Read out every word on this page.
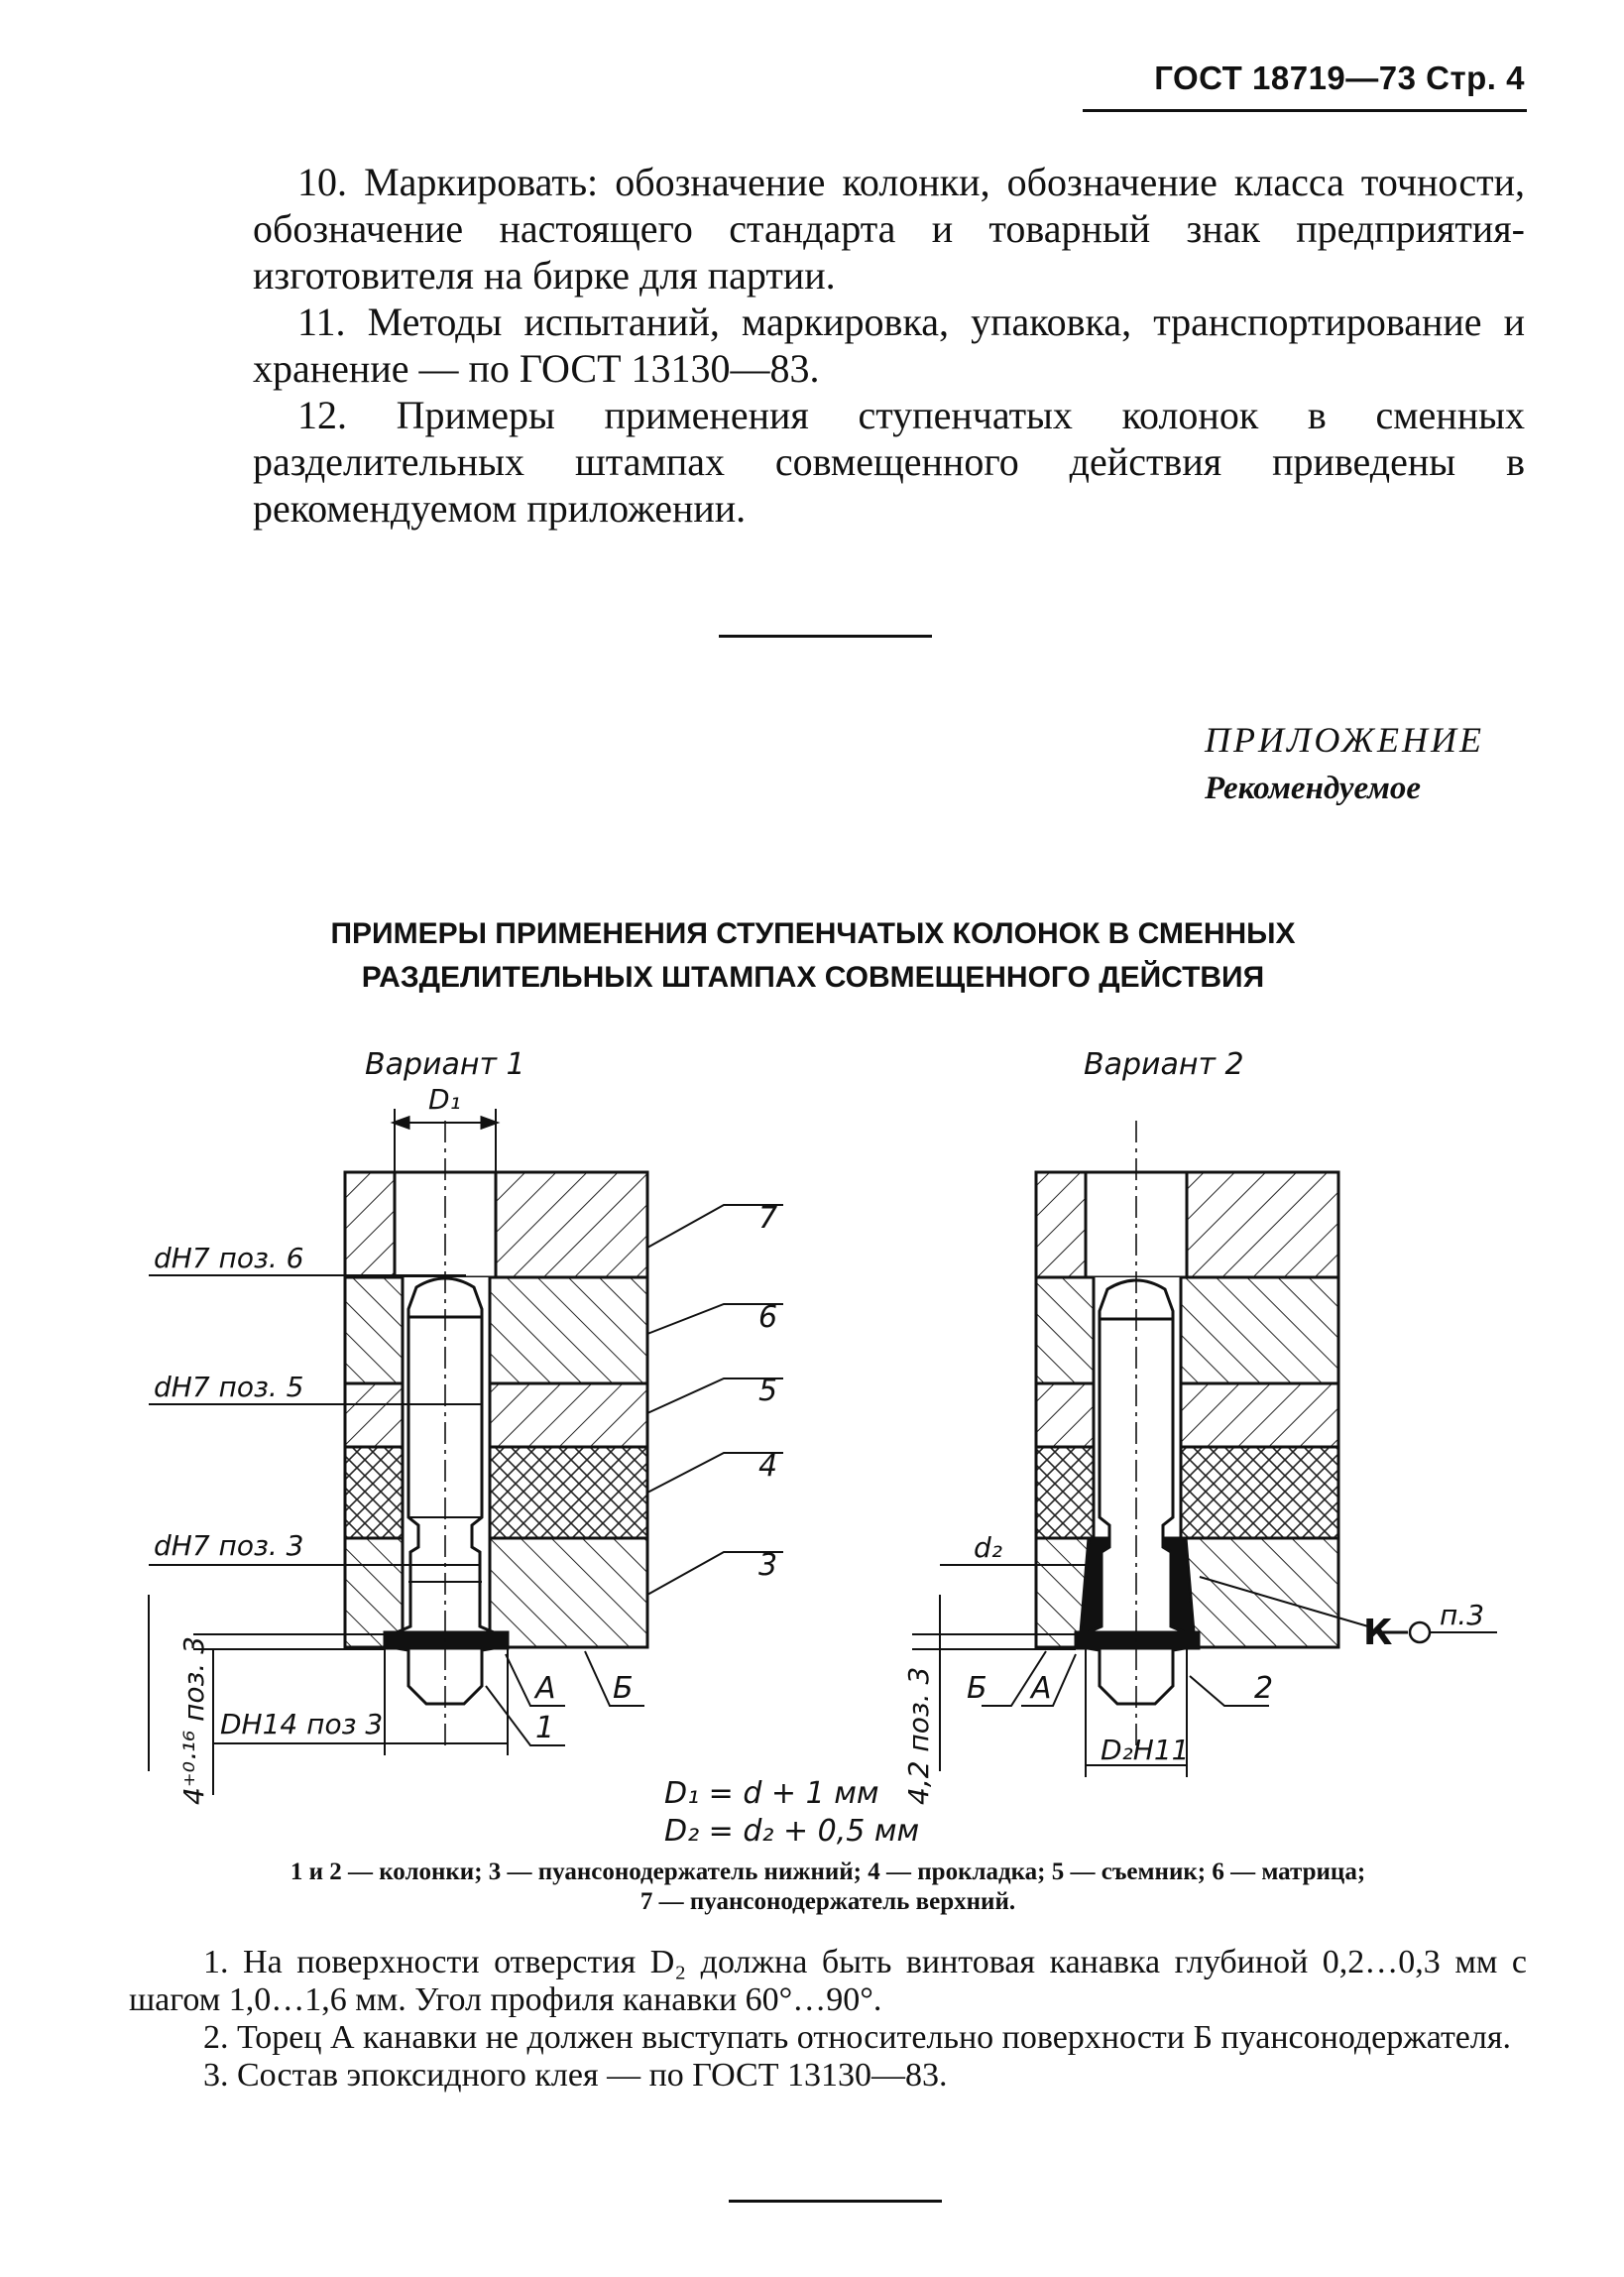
ГОСТ 18719—73 Стр. 4

10. Маркировать: обозначение колонки, обозначение класса точности, обозначение настоящего стандарта и товарный знак предприятия-изготовителя на бирке для партии.

11. Методы испытаний, маркировка, упаковка, транспортирование и хранение — по ГОСТ 13130—83.

12. Примеры применения ступенчатых колонок в сменных разделительных штампах совмещенного действия приведены в рекомендуемом приложении.

ПРИЛОЖЕНИЕ
Рекомендуемое
ПРИМЕРЫ ПРИМЕНЕНИЯ СТУПЕНЧАТЫХ КОЛОНОК В СМЕННЫХ
РАЗДЕЛИТЕЛЬНЫХ ШТАМПАХ СОВМЕЩЕННОГО ДЕЙСТВИЯ
Вариант 1	Вариант 2
D₁
dH7 поз. 6
dH7 поз. 5
dH7 поз. 3
DH14 поз 3
4⁺⁰·¹⁶ поз. 3
7
6
5
4
3
1
А Б
d₂
D₂H11
4,2 поз. 3	2
А
Б
К п.3
D₁ = d + 1 мм
D₂ = d₂ + 0,5 мм
1 и 2 — колонки; 3 — пуансонодержатель нижний; 4 — прокладка; 5 — съемник; 6 — матрица;
7 — пуансонодержатель верхний.

1. На поверхности отверстия D₂ должна быть винтовая канавка глубиной 0,2…0,3 мм с шагом 1,0…1,6 мм. Угол профиля канавки 60°…90°.

2. Торец А канавки не должен выступать относительно поверхности Б пуансонодержателя.

3. Состав эпоксидного клея — по ГОСТ 13130—83.
